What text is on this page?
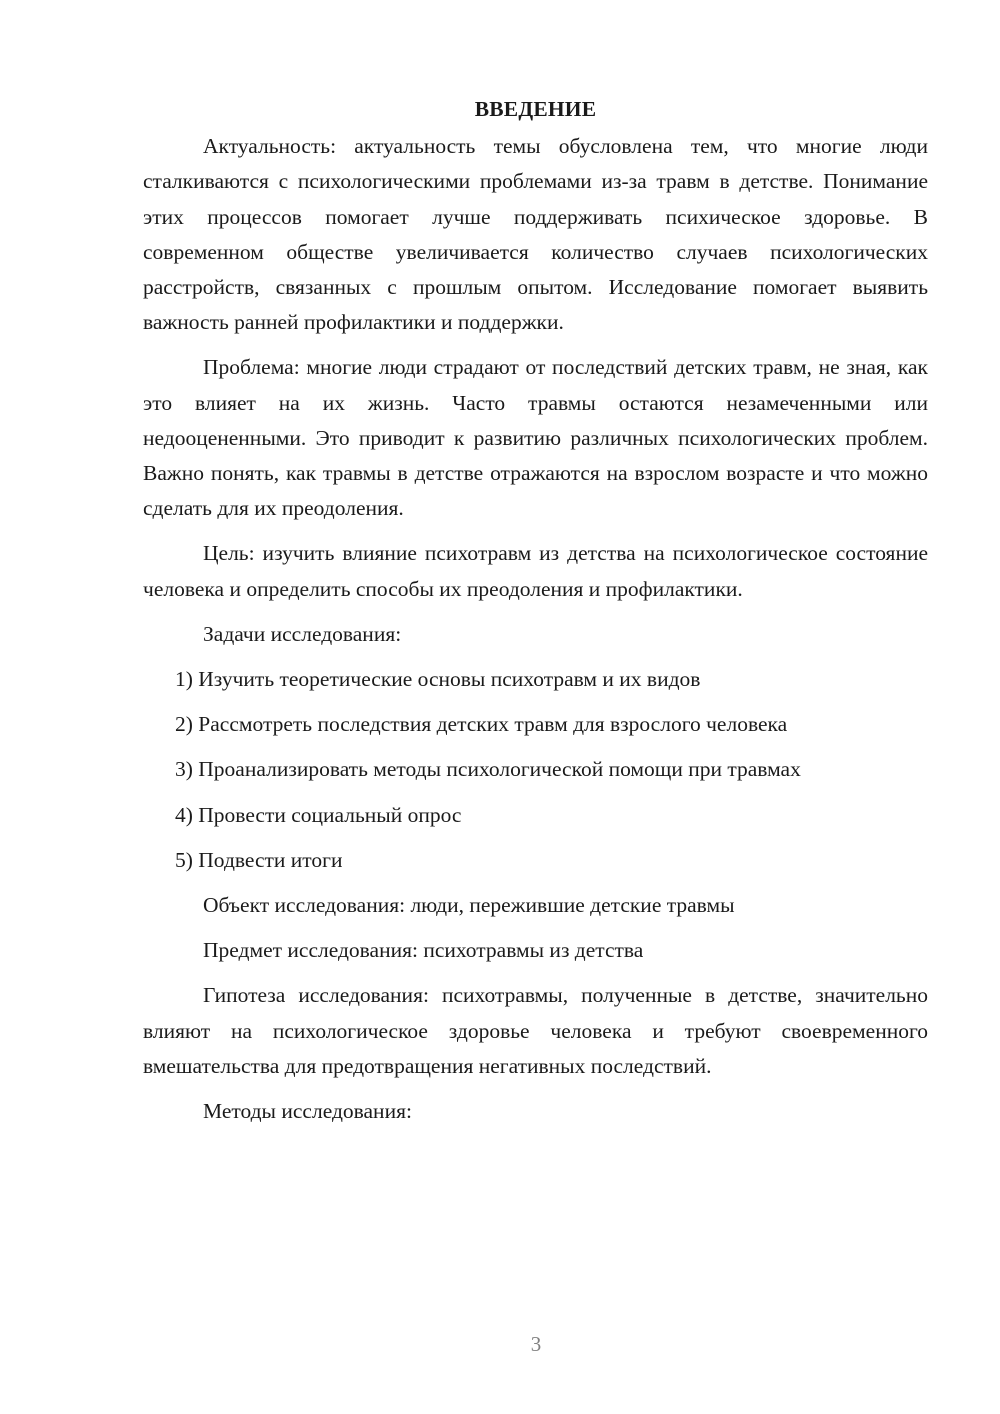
ВВЕДЕНИЕ

Актуальность: актуальность темы обусловлена тем, что многие люди сталкиваются с психологическими проблемами из-за травм в детстве. Понимание этих процессов помогает лучше поддерживать психическое здоровье. В современном обществе увеличивается количество случаев психологических расстройств, связанных с прошлым опытом. Исследование помогает выявить важность ранней профилактики и поддержки.

Проблема: многие люди страдают от последствий детских травм, не зная, как это влияет на их жизнь. Часто травмы остаются незамеченными или недооцененными. Это приводит к развитию различных психологических проблем. Важно понять, как травмы в детстве отражаются на взрослом возрасте и что можно сделать для их преодоления.

Цель: изучить влияние психотравм из детства на психологическое состояние человека и определить способы их преодоления и профилактики.

Задачи исследования:
1) Изучить теоретические основы психотравм и их видов
2) Рассмотреть последствия детских травм для взрослого человека
3) Проанализировать методы психологической помощи при травмах
4) Провести социальный опрос
5) Подвести итоги
Объект исследования: люди, пережившие детские травмы
Предмет исследования: психотравмы из детства

Гипотеза исследования: психотравмы, полученные в детстве, значительно влияют на психологическое здоровье человека и требуют своевременного вмешательства для предотвращения негативных последствий.

Методы исследования:
3
